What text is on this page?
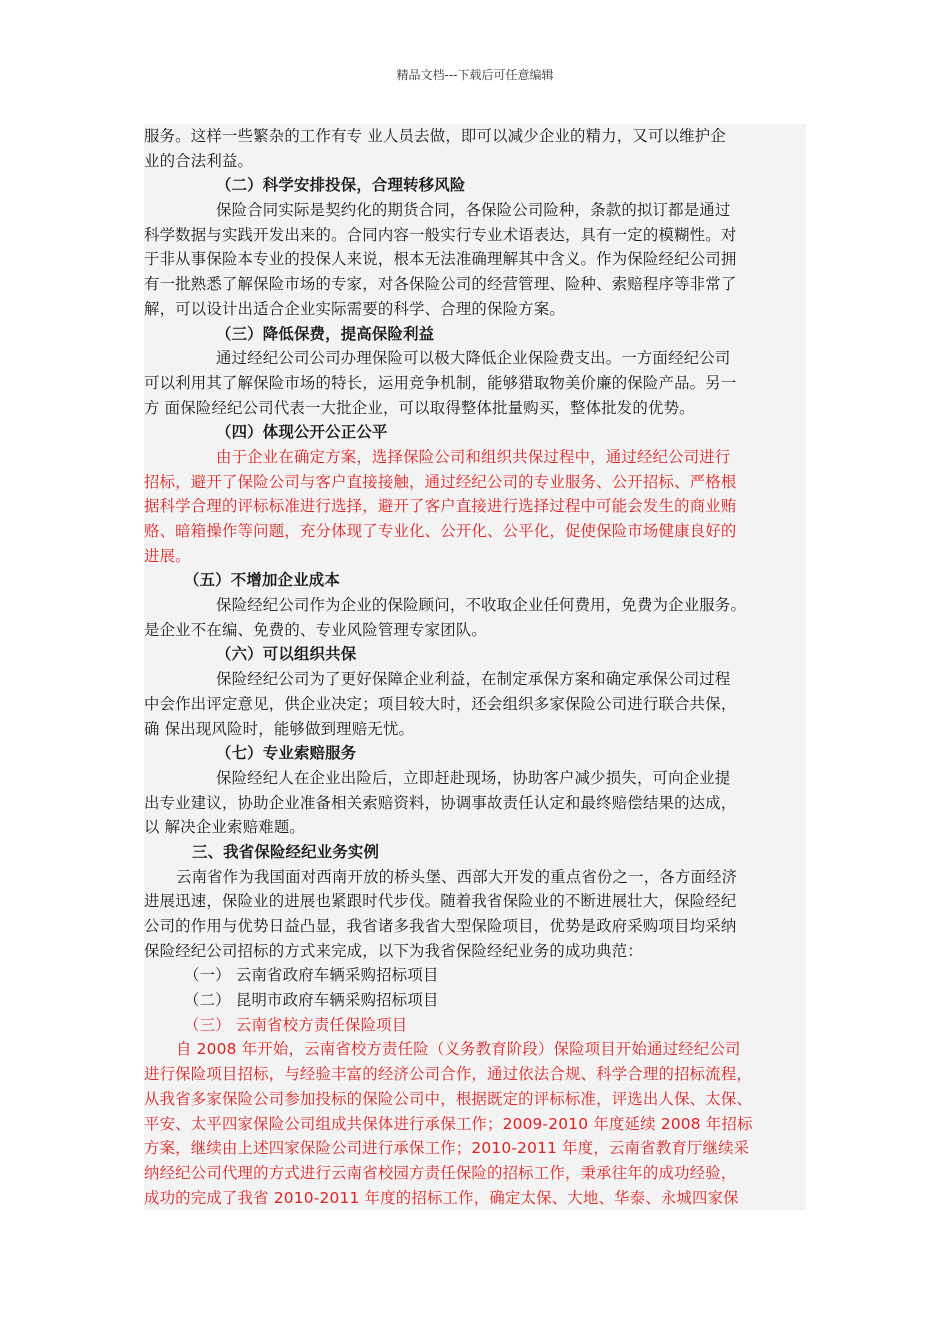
精品文档---下载后可任意编辑
服务。这样一些繁杂的工作有专 业人员去做，即可以减少企业的精力，又可以维护企
业的合法利益。
（二）科学安排投保，合理转移风险
保险合同实际是契约化的期货合同，各保险公司险种，条款的拟订都是通过
科学数据与实践开发出来的。合同内容一般实行专业术语表达，具有一定的模糊性。对
于非从事保险本专业的投保人来说，根本无法准确理解其中含义。作为保险经纪公司拥
有一批熟悉了解保险市场的专家，对各保险公司的经营管理、险种、索赔程序等非常了
解，可以设计出适合企业实际需要的科学、合理的保险方案。
（三）降低保费，提高保险利益
通过经纪公司公司办理保险可以极大降低企业保险费支出。一方面经纪公司
可以利用其了解保险市场的特长，运用竞争机制，能够猎取物美价廉的保险产品。另一
方 面保险经纪公司代表一大批企业，可以取得整体批量购买，整体批发的优势。
（四）体现公开公正公平
由于企业在确定方案，选择保险公司和组织共保过程中，通过经纪公司进行
招标，避开了保险公司与客户直接接触，通过经纪公司的专业服务、公开招标、严格根
据科学合理的评标标准进行选择，避开了客户直接进行选择过程中可能会发生的商业贿
赂、暗箱操作等问题，充分体现了专业化、公开化、公平化，促使保险市场健康良好的
进展。
（五）不增加企业成本
保险经纪公司作为企业的保险顾问，不收取企业任何费用，免费为企业服务。
是企业不在编、免费的、专业风险管理专家团队。
（六）可以组织共保
保险经纪公司为了更好保障企业利益，在制定承保方案和确定承保公司过程
中会作出评定意见，供企业决定；项目较大时，还会组织多家保险公司进行联合共保，
确 保出现风险时，能够做到理赔无忧。
（七）专业索赔服务
保险经纪人在企业出险后，立即赶赴现场，协助客户减少损失，可向企业提
出专业建议，协助企业准备相关索赔资料，协调事故责任认定和最终赔偿结果的达成，
以 解决企业索赔难题。
三、我省保险经纪业务实例
云南省作为我国面对西南开放的桥头堡、西部大开发的重点省份之一，各方面经济
进展迅速，保险业的进展也紧跟时代步伐。随着我省保险业的不断进展壮大，保险经纪
公司的作用与优势日益凸显，我省诸多我省大型保险项目，优势是政府采购项目均采纳
保险经纪公司招标的方式来完成，以下为我省保险经纪业务的成功典范：
（一） 云南省政府车辆采购招标项目
（二） 昆明市政府车辆采购招标项目
（三） 云南省校方责任保险项目
自 2008 年开始，云南省校方责任险（义务教育阶段）保险项目开始通过经纪公司
进行保险项目招标，与经验丰富的经济公司合作，通过依法合规、科学合理的招标流程，
从我省多家保险公司参加投标的保险公司中，根据既定的评标标准，评选出人保、太保、
平安、太平四家保险公司组成共保体进行承保工作；2009-2010 年度延续 2008 年招标
方案，继续由上述四家保险公司进行承保工作；2010-2011 年度，云南省教育厅继续采
纳经纪公司代理的方式进行云南省校园方责任保险的招标工作，秉承往年的成功经验，
成功的完成了我省 2010-2011 年度的招标工作，确定太保、大地、华泰、永城四家保
